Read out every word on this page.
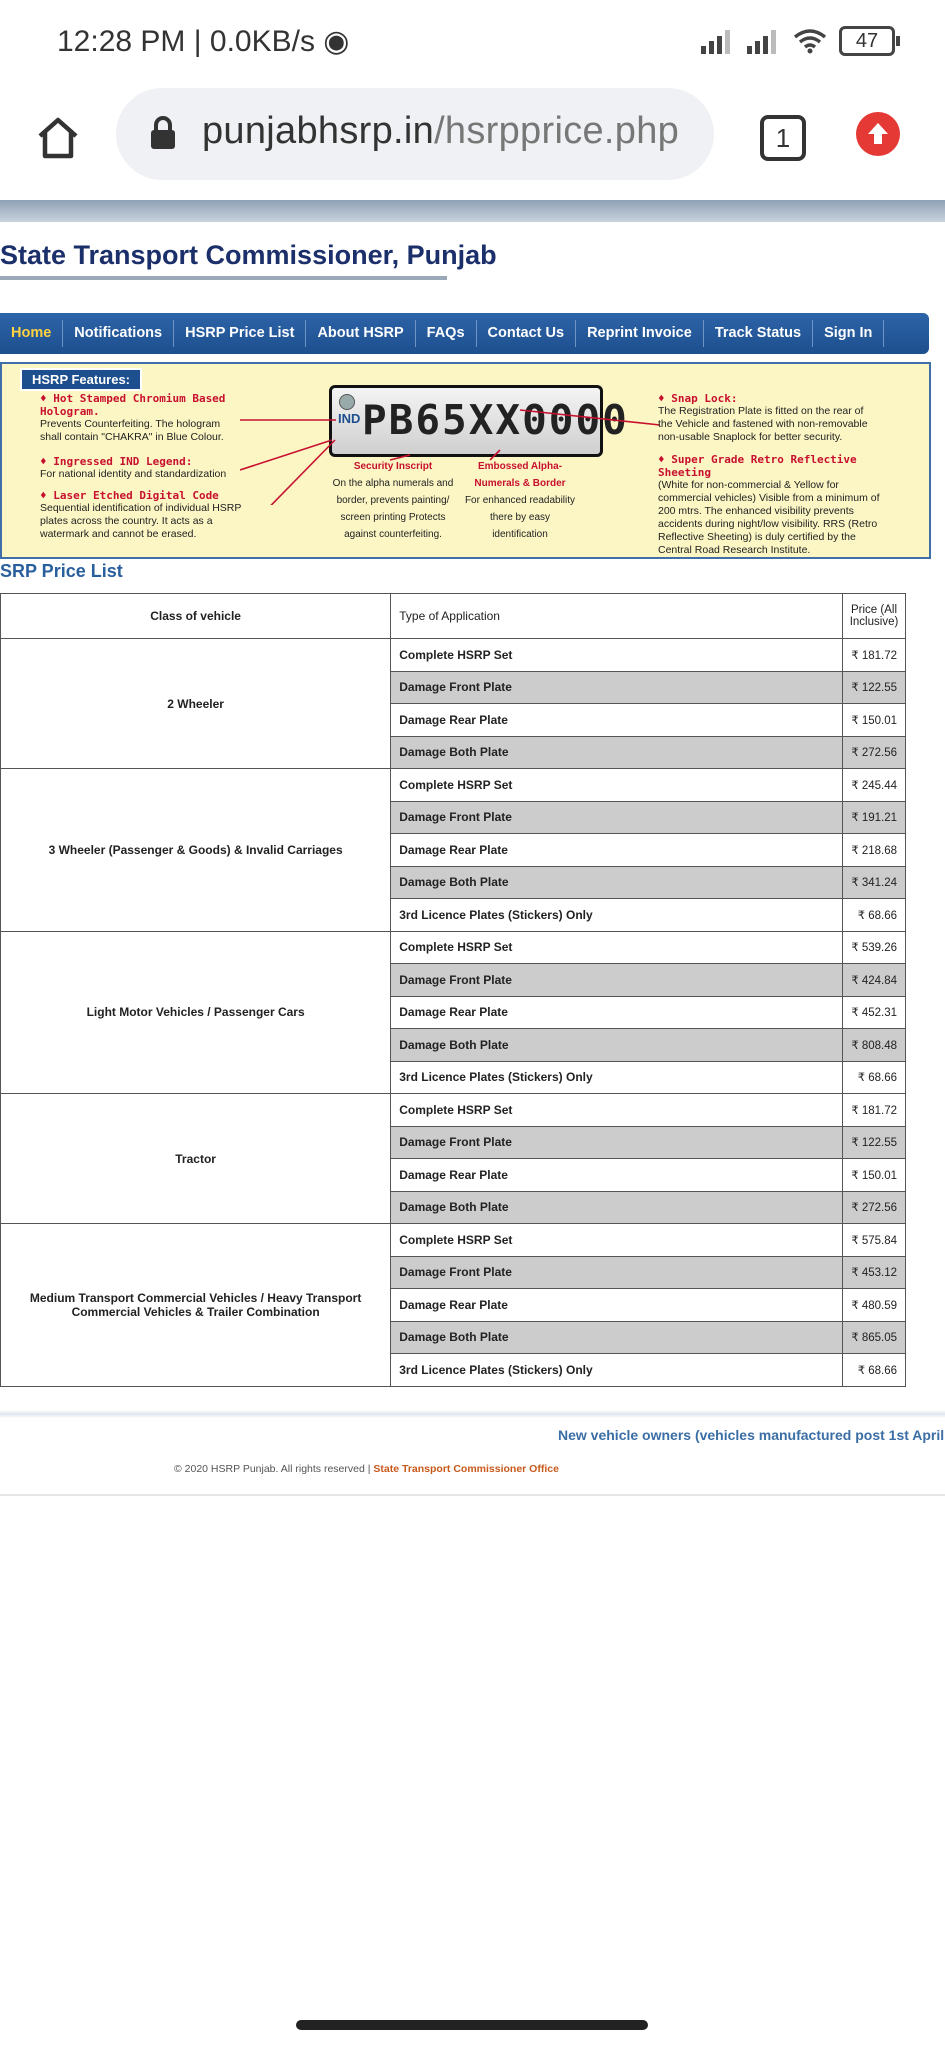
12:28 PM | 0.0KB/s ◉	47
punjabhsrp.in/hsrpprice.php	1
State Transport Commissioner, Punjab
Home	Notifications	HSRP Price List	About HSRP	FAQs	Contact Us	Reprint Invoice	Track Status	Sign In
HSRP Features:
♦ Hot Stamped Chromium Based Hologram.
Prevents Counterfeiting. The hologram shall contain "CHAKRA" in Blue Colour.
♦ Ingressed IND Legend:
For national identity and standardization
♦ Laser Etched Digital Code
Sequential identification of individual HSRP plates across the country. It acts as a watermark and cannot be erased.
IND PB65XX0000
Security Inscript
On the alpha numerals and border, prevents painting/ screen printing Protects against counterfeiting.
Embossed Alpha-Numerals & Border
For enhanced readability there by easy identification
♦ Snap Lock:
The Registration Plate is fitted on the rear of the Vehicle and fastened with non-removable non-usable Snaplock for better security.
♦ Super Grade Retro Reflective Sheeting
(White for non-commercial & Yellow for commercial vehicles) Visible from a minimum of 200 mtrs. The enhanced visibility prevents accidents during night/low visibility. RRS (Retro Reflective Sheeting) is duly certified by the Central Road Research Institute.
SRP Price List
Class of vehicle	Type of Application	Price (All Inclusive)
2 Wheeler	Complete HSRP Set	₹ 181.72
	Damage Front Plate	₹ 122.55
	Damage Rear Plate	₹ 150.01
	Damage Both Plate	₹ 272.56
3 Wheeler (Passenger & Goods) & Invalid Carriages	Complete HSRP Set	₹ 245.44
	Damage Front Plate	₹ 191.21
	Damage Rear Plate	₹ 218.68
	Damage Both Plate	₹ 341.24
	3rd Licence Plates (Stickers) Only	₹ 68.66
Light Motor Vehicles / Passenger Cars	Complete HSRP Set	₹ 539.26
	Damage Front Plate	₹ 424.84
	Damage Rear Plate	₹ 452.31
	Damage Both Plate	₹ 808.48
	3rd Licence Plates (Stickers) Only	₹ 68.66
Tractor	Complete HSRP Set	₹ 181.72
	Damage Front Plate	₹ 122.55
	Damage Rear Plate	₹ 150.01
	Damage Both Plate	₹ 272.56
Medium Transport Commercial Vehicles / Heavy Transport Commercial Vehicles & Trailer Combination	Complete HSRP Set	₹ 575.84
	Damage Front Plate	₹ 453.12
	Damage Rear Plate	₹ 480.59
	Damage Both Plate	₹ 865.05
	3rd Licence Plates (Stickers) Only	₹ 68.66
New vehicle owners (vehicles manufactured post 1st April
© 2020 HSRP Punjab. All rights reserved | State Transport Commissioner Office
